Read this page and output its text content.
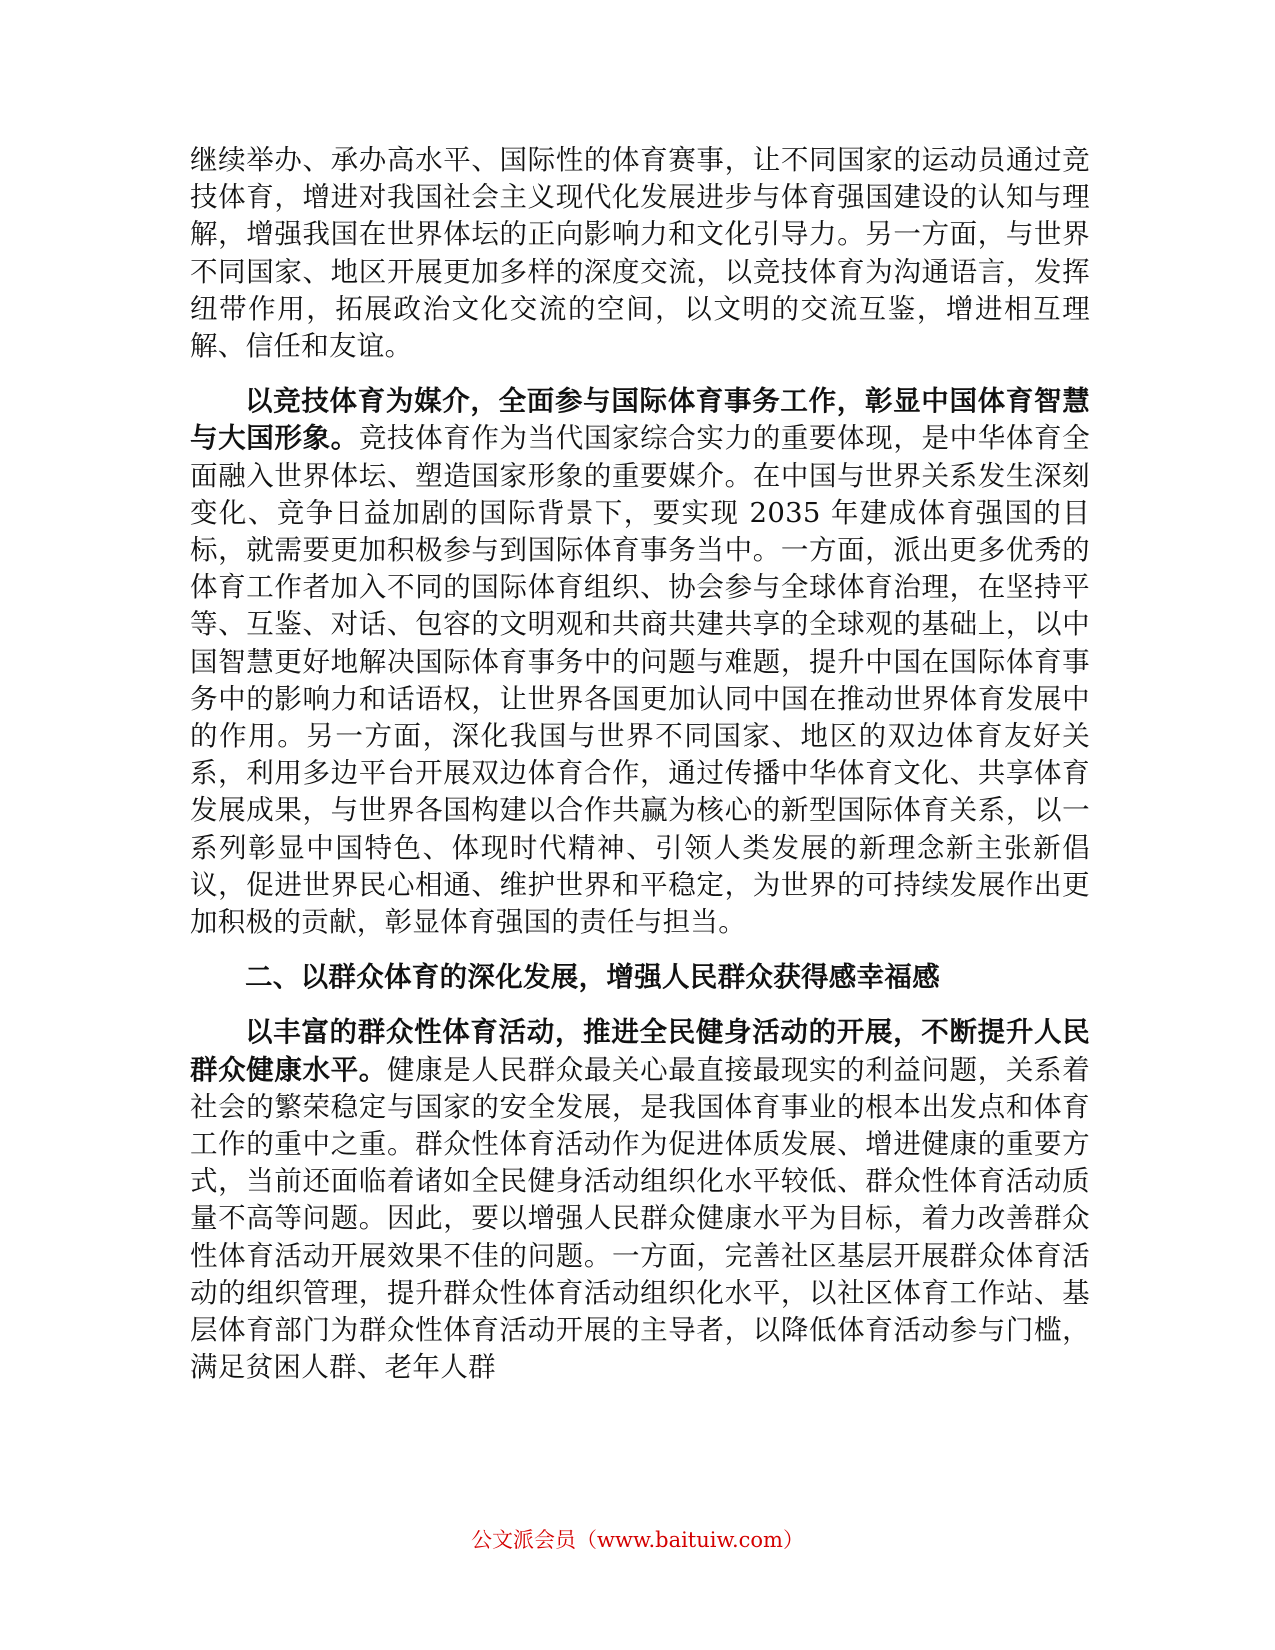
继续举办、承办高水平、国际性的体育赛事，让不同国家的运动员通过竞技体育，增进对我国社会主义现代化发展进步与体育强国建设的认知与理解，增强我国在世界体坛的正向影响力和文化引导力。另一方面，与世界不同国家、地区开展更加多样的深度交流，以竞技体育为沟通语言，发挥纽带作用，拓展政治文化交流的空间，以文明的交流互鉴，增进相互理解、信任和友谊。

以竞技体育为媒介，全面参与国际体育事务工作，彰显中国体育智慧与大国形象。竞技体育作为当代国家综合实力的重要体现，是中华体育全面融入世界体坛、塑造国家形象的重要媒介。在中国与世界关系发生深刻变化、竞争日益加剧的国际背景下，要实现 2035 年建成体育强国的目标，就需要更加积极参与到国际体育事务当中。一方面，派出更多优秀的体育工作者加入不同的国际体育组织、协会参与全球体育治理，在坚持平等、互鉴、对话、包容的文明观和共商共建共享的全球观的基础上，以中国智慧更好地解决国际体育事务中的问题与难题，提升中国在国际体育事务中的影响力和话语权，让世界各国更加认同中国在推动世界体育发展中的作用。另一方面，深化我国与世界不同国家、地区的双边体育友好关系，利用多边平台开展双边体育合作，通过传播中华体育文化、共享体育发展成果，与世界各国构建以合作共赢为核心的新型国际体育关系，以一系列彰显中国特色、体现时代精神、引领人类发展的新理念新主张新倡议，促进世界民心相通、维护世界和平稳定，为世界的可持续发展作出更加积极的贡献，彰显体育强国的责任与担当。

二、以群众体育的深化发展，增强人民群众获得感幸福感

以丰富的群众性体育活动，推进全民健身活动的开展，不断提升人民群众健康水平。健康是人民群众最关心最直接最现实的利益问题，关系着社会的繁荣稳定与国家的安全发展，是我国体育事业的根本出发点和体育工作的重中之重。群众性体育活动作为促进体质发展、增进健康的重要方式，当前还面临着诸如全民健身活动组织化水平较低、群众性体育活动质量不高等问题。因此，要以增强人民群众健康水平为目标，着力改善群众性体育活动开展效果不佳的问题。一方面，完善社区基层开展群众体育活动的组织管理，提升群众性体育活动组织化水平，以社区体育工作站、基层体育部门为群众性体育活动开展的主导者，以降低体育活动参与门槛，满足贫困人群、老年人群

公文派会员（www.baituiw.com）
